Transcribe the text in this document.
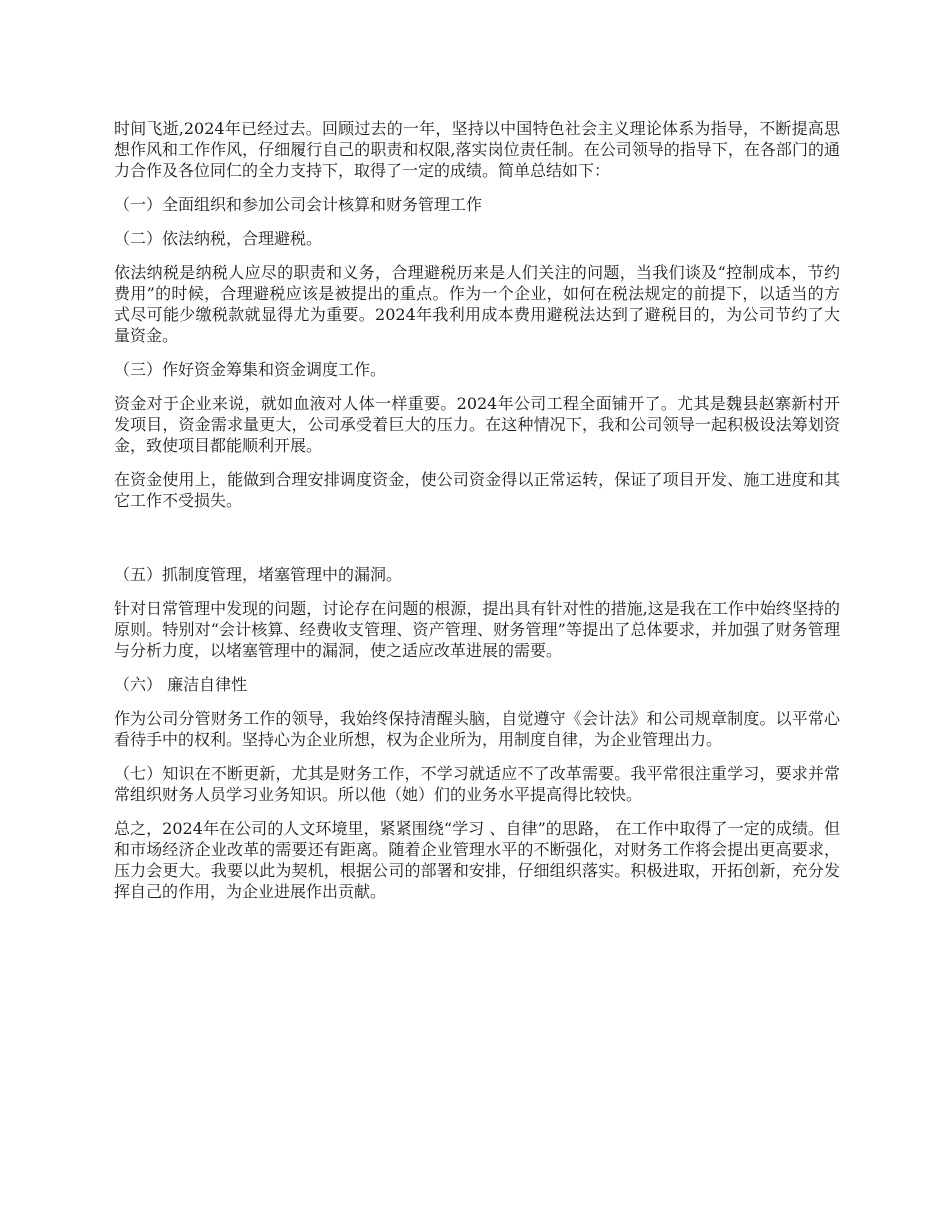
时间飞逝,2024年已经过去。回顾过去的一年，坚持以中国特色社会主义理论体系为指导，不断提高思想作风和工作作风，仔细履行自己的职责和权限,落实岗位责任制。在公司领导的指导下，在各部门的通力合作及各位同仁的全力支持下，取得了一定的成绩。简单总结如下：

（一）全面组织和参加公司会计核算和财务管理工作

（二）依法纳税，合理避税。

依法纳税是纳税人应尽的职责和义务，合理避税历来是人们关注的问题，当我们谈及“控制成本，节约费用”的时候，合理避税应该是被提出的重点。作为一个企业，如何在税法规定的前提下，以适当的方式尽可能少缴税款就显得尤为重要。2024年我利用成本费用避税法达到了避税目的，为公司节约了大量资金。

（三）作好资金筹集和资金调度工作。

资金对于企业来说，就如血液对人体一样重要。2024年公司工程全面铺开了。尤其是魏县赵寨新村开发项目，资金需求量更大，公司承受着巨大的压力。在这种情况下，我和公司领导一起积极设法筹划资金，致使项目都能顺利开展。

在资金使用上，能做到合理安排调度资金，使公司资金得以正常运转，保证了项目开发、施工进度和其它工作不受损失。

（五）抓制度管理，堵塞管理中的漏洞。

针对日常管理中发现的问题，讨论存在问题的根源，提出具有针对性的措施,这是我在工作中始终坚持的原则。特别对“会计核算、经费收支管理、资产管理、财务管理”等提出了总体要求，并加强了财务管理与分析力度，以堵塞管理中的漏洞，使之适应改革进展的需要。

（六） 廉洁自律性

作为公司分管财务工作的领导，我始终保持清醒头脑，自觉遵守《会计法》和公司规章制度。以平常心看待手中的权利。坚持心为企业所想，权为企业所为，用制度自律，为企业管理出力。

（七）知识在不断更新，尤其是财务工作，不学习就适应不了改革需要。我平常很注重学习，要求并常常组织财务人员学习业务知识。所以他（她）们的业务水平提高得比较快。

总之，2024年在公司的人文环境里，紧紧围绕“学习 、自律”的思路， 在工作中取得了一定的成绩。但和市场经济企业改革的需要还有距离。随着企业管理水平的不断强化，对财务工作将会提出更高要求，压力会更大。我要以此为契机，根据公司的部署和安排，仔细组织落实。积极进取，开拓创新，充分发挥自己的作用，为企业进展作出贡献。
